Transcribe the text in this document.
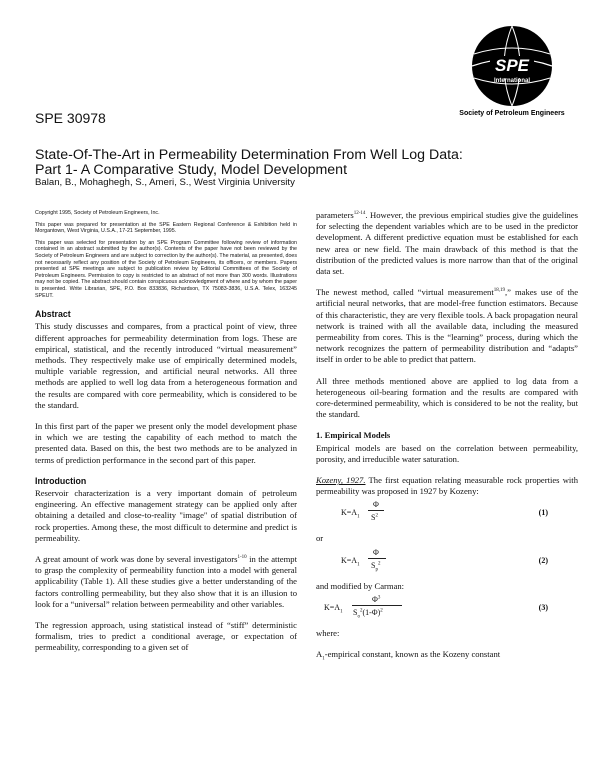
SPE
International
Society of Petroleum Engineers
SPE 30978
State-Of-The-Art in Permeability Determination From Well Log Data:
Part 1- A Comparative Study, Model Development
Balan, B., Mohaghegh, S., Ameri, S., West Virginia University

Copyright 1995, Society of Petroleum Engineers, Inc.

This paper was prepared for presentation at the SPE Eastern Regional Conference & Exhibition held in Morgantown, West Virginia, U.S.A., 17-21 September, 1995.

This paper was selected for presentation by an SPE Program Committee following review of information contained in an abstract submitted by the author(s). Contents of the paper have not been reviewed by the Society of Petroleum Engineers and are subject to correction by the author(s). The material, as presented, does not necessarily reflect any position of the Society of Petroleum Engineers, its officers, or members. Papers presented at SPE meetings are subject to publication review by Editorial Committees of the Society of Petroleum Engineers. Permission to copy is restricted to an abstract of not more than 300 words. Illustrations may not be copied. The abstract should contain conspicuous acknowledgment of where and by whom the paper is presented. Write Librarian, SPE, P.O. Box 833836, Richardson, TX 75083-3836, U.S.A. Telex, 163245 SPEUT.

Abstract

This study discusses and compares, from a practical point of view, three different approaches for permeability determination from logs. These are empirical, statistical, and the recently introduced “virtual measurement” methods. They respectively make use of empirically determined models, multiple variable regression, and artificial neural networks. All three methods are applied to well log data from a heterogeneous formation and the results are compared with core permeability, which is considered to be the standard.

In this first part of the paper we present only the model development phase in which we are testing the capability of each method to match the presented data. Based on this, the best two methods are to be analyzed in terms of prediction performance in the second part of this paper.

Introduction

Reservoir characterization is a very important domain of petroleum engineering. An effective management strategy can be applied only after obtaining a detailed and close-to-reality "image" of spatial distribution of rock properties. Among these, the most difficult to determine and predict is permeability.

A great amount of work was done by several investigators$^{1-10}$ in the attempt to grasp the complexity of permeability function into a model with general applicability (Table 1). All these studies give a better understanding of the factors controlling permeability, but they also show that it is an illusion to look for a “universal” relation between permeability and other variables.

The regression approach, using statistical instead of “stiff” deterministic formalism, tries to predict a conditional average, or expectation of permeability, corresponding to a given set of

parameters$^{12-14}$. However, the previous empirical studies give the guidelines for selecting the dependent variables which are to be used in the predictor development. A different predictive equation must be established for each new area or new field. The main drawback of this method is that the distribution of the predicted values is more narrow than that of the original data set.

The newest method, called “virtual measurement$^{18,19}$,” makes use of the artificial neural networks, that are model-free function estimators. Because of this characteristic, they are very flexible tools. A back propagation neural network is trained with all the available data, including the measured permeability from cores. This is the “learning” process, during which the network recognizes the pattern of permeability distribution and “adapts” itself in order to be able to predict that pattern.

All three methods mentioned above are applied to log data from a heterogeneous oil-bearing formation and the results are compared with core-determined permeability, which is considered to be not the reality, but the standard.

1. Empirical Models

Empirical models are based on the correlation between permeability, porosity, and irreducible water saturation.

Kozeny, 1927. The first equation relating measurable rock properties with permeability was proposed in 1927 by Kozeny:

$K=A_1$
Φ
$S^2$	(1)

or

$K=A_1$
Φ
$S_p^2$	(2)

and modified by Carman:

$K=A_1$
$\Phi^3$
$S_o^2(1-\Phi)^2$	(3)

where:

$A_1$-empirical constant, known as the Kozeny constant
